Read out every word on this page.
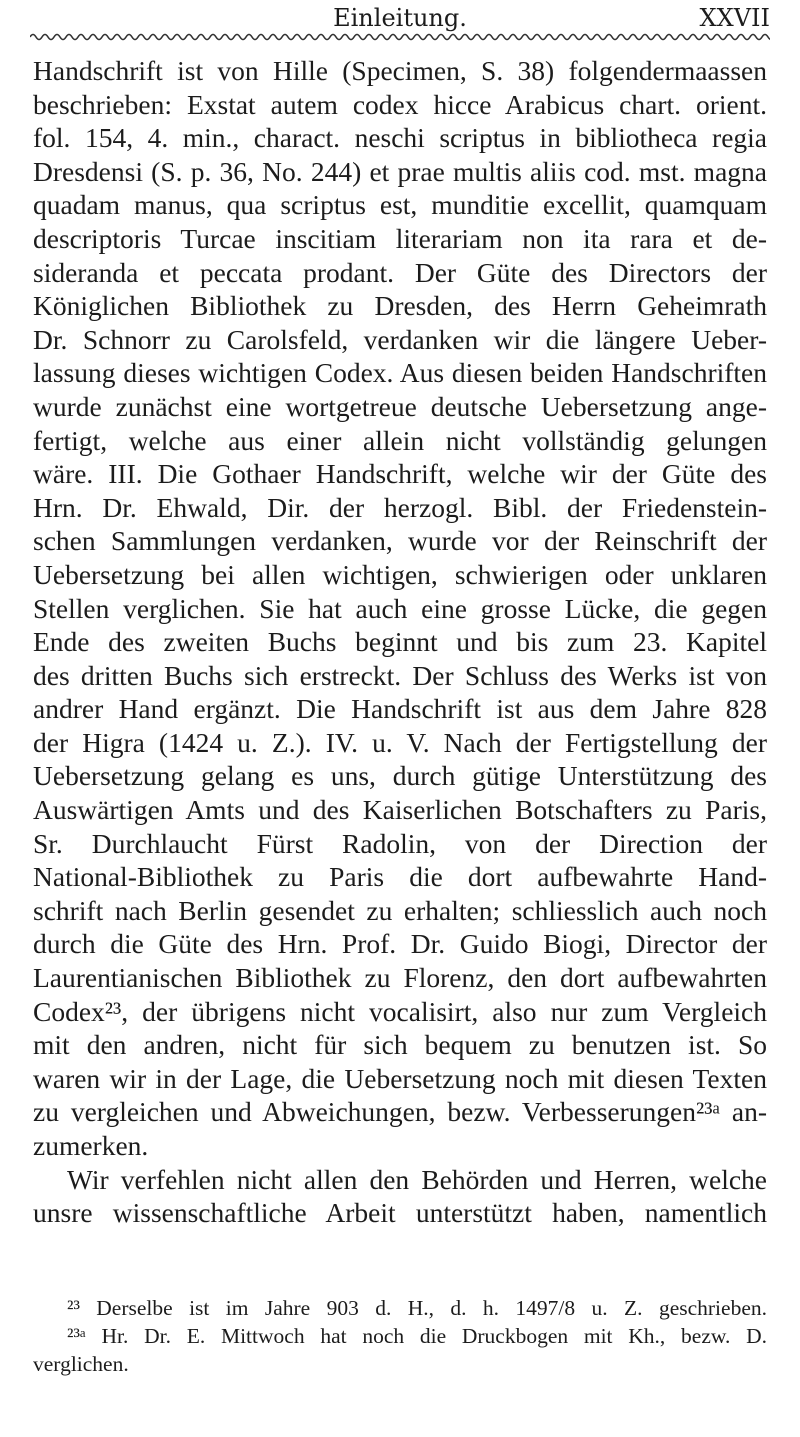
Einleitung.	XXVII
Handschrift ist von Hille (Specimen, S. 38) folgendermaassen
beschrieben: Exstat autem codex hicce Arabicus chart. orient.
fol. 154, 4. min., charact. neschi scriptus in bibliotheca regia
Dresdensi (S. p. 36, No. 244) et prae multis aliis cod. mst. magna
quadam manus, qua scriptus est, munditie excellit, quamquam
descriptoris Turcae inscitiam literariam non ita rara et de-
sideranda et peccata prodant. Der Güte des Directors der
Königlichen Bibliothek zu Dresden, des Herrn Geheimrath
Dr. Schnorr zu Carolsfeld, verdanken wir die längere Ueber-
lassung dieses wichtigen Codex. Aus diesen beiden Handschriften
wurde zunächst eine wortgetreue deutsche Uebersetzung ange-
fertigt, welche aus einer allein nicht vollständig gelungen
wäre. III. Die Gothaer Handschrift, welche wir der Güte des
Hrn. Dr. Ehwald, Dir. der herzogl. Bibl. der Friedenstein-
schen Sammlungen verdanken, wurde vor der Reinschrift der
Uebersetzung bei allen wichtigen, schwierigen oder unklaren
Stellen verglichen. Sie hat auch eine grosse Lücke, die gegen
Ende des zweiten Buchs beginnt und bis zum 23. Kapitel
des dritten Buchs sich erstreckt. Der Schluss des Werks ist von
andrer Hand ergänzt. Die Handschrift ist aus dem Jahre 828
der Higra (1424 u. Z.). IV. u. V. Nach der Fertigstellung der
Uebersetzung gelang es uns, durch gütige Unterstützung des
Auswärtigen Amts und des Kaiserlichen Botschafters zu Paris,
Sr. Durchlaucht Fürst Radolin, von der Direction der
National-Bibliothek zu Paris die dort aufbewahrte Hand-
schrift nach Berlin gesendet zu erhalten; schliesslich auch noch
durch die Güte des Hrn. Prof. Dr. Guido Biogi, Director der
Laurentianischen Bibliothek zu Florenz, den dort aufbewahrten
Codex²³, der übrigens nicht vocalisirt, also nur zum Vergleich
mit den andren, nicht für sich bequem zu benutzen ist. So
waren wir in der Lage, die Uebersetzung noch mit diesen Texten
zu vergleichen und Abweichungen, bezw. Verbesserungen²³ᵃ an-
zumerken.
Wir verfehlen nicht allen den Behörden und Herren, welche
unsre wissenschaftliche Arbeit unterstützt haben, namentlich
²³ Derselbe ist im Jahre 903 d. H., d. h. 1497/8 u. Z. geschrieben.
²³ᵃ Hr. Dr. E. Mittwoch hat noch die Druckbogen mit Kh., bezw. D.
verglichen.
